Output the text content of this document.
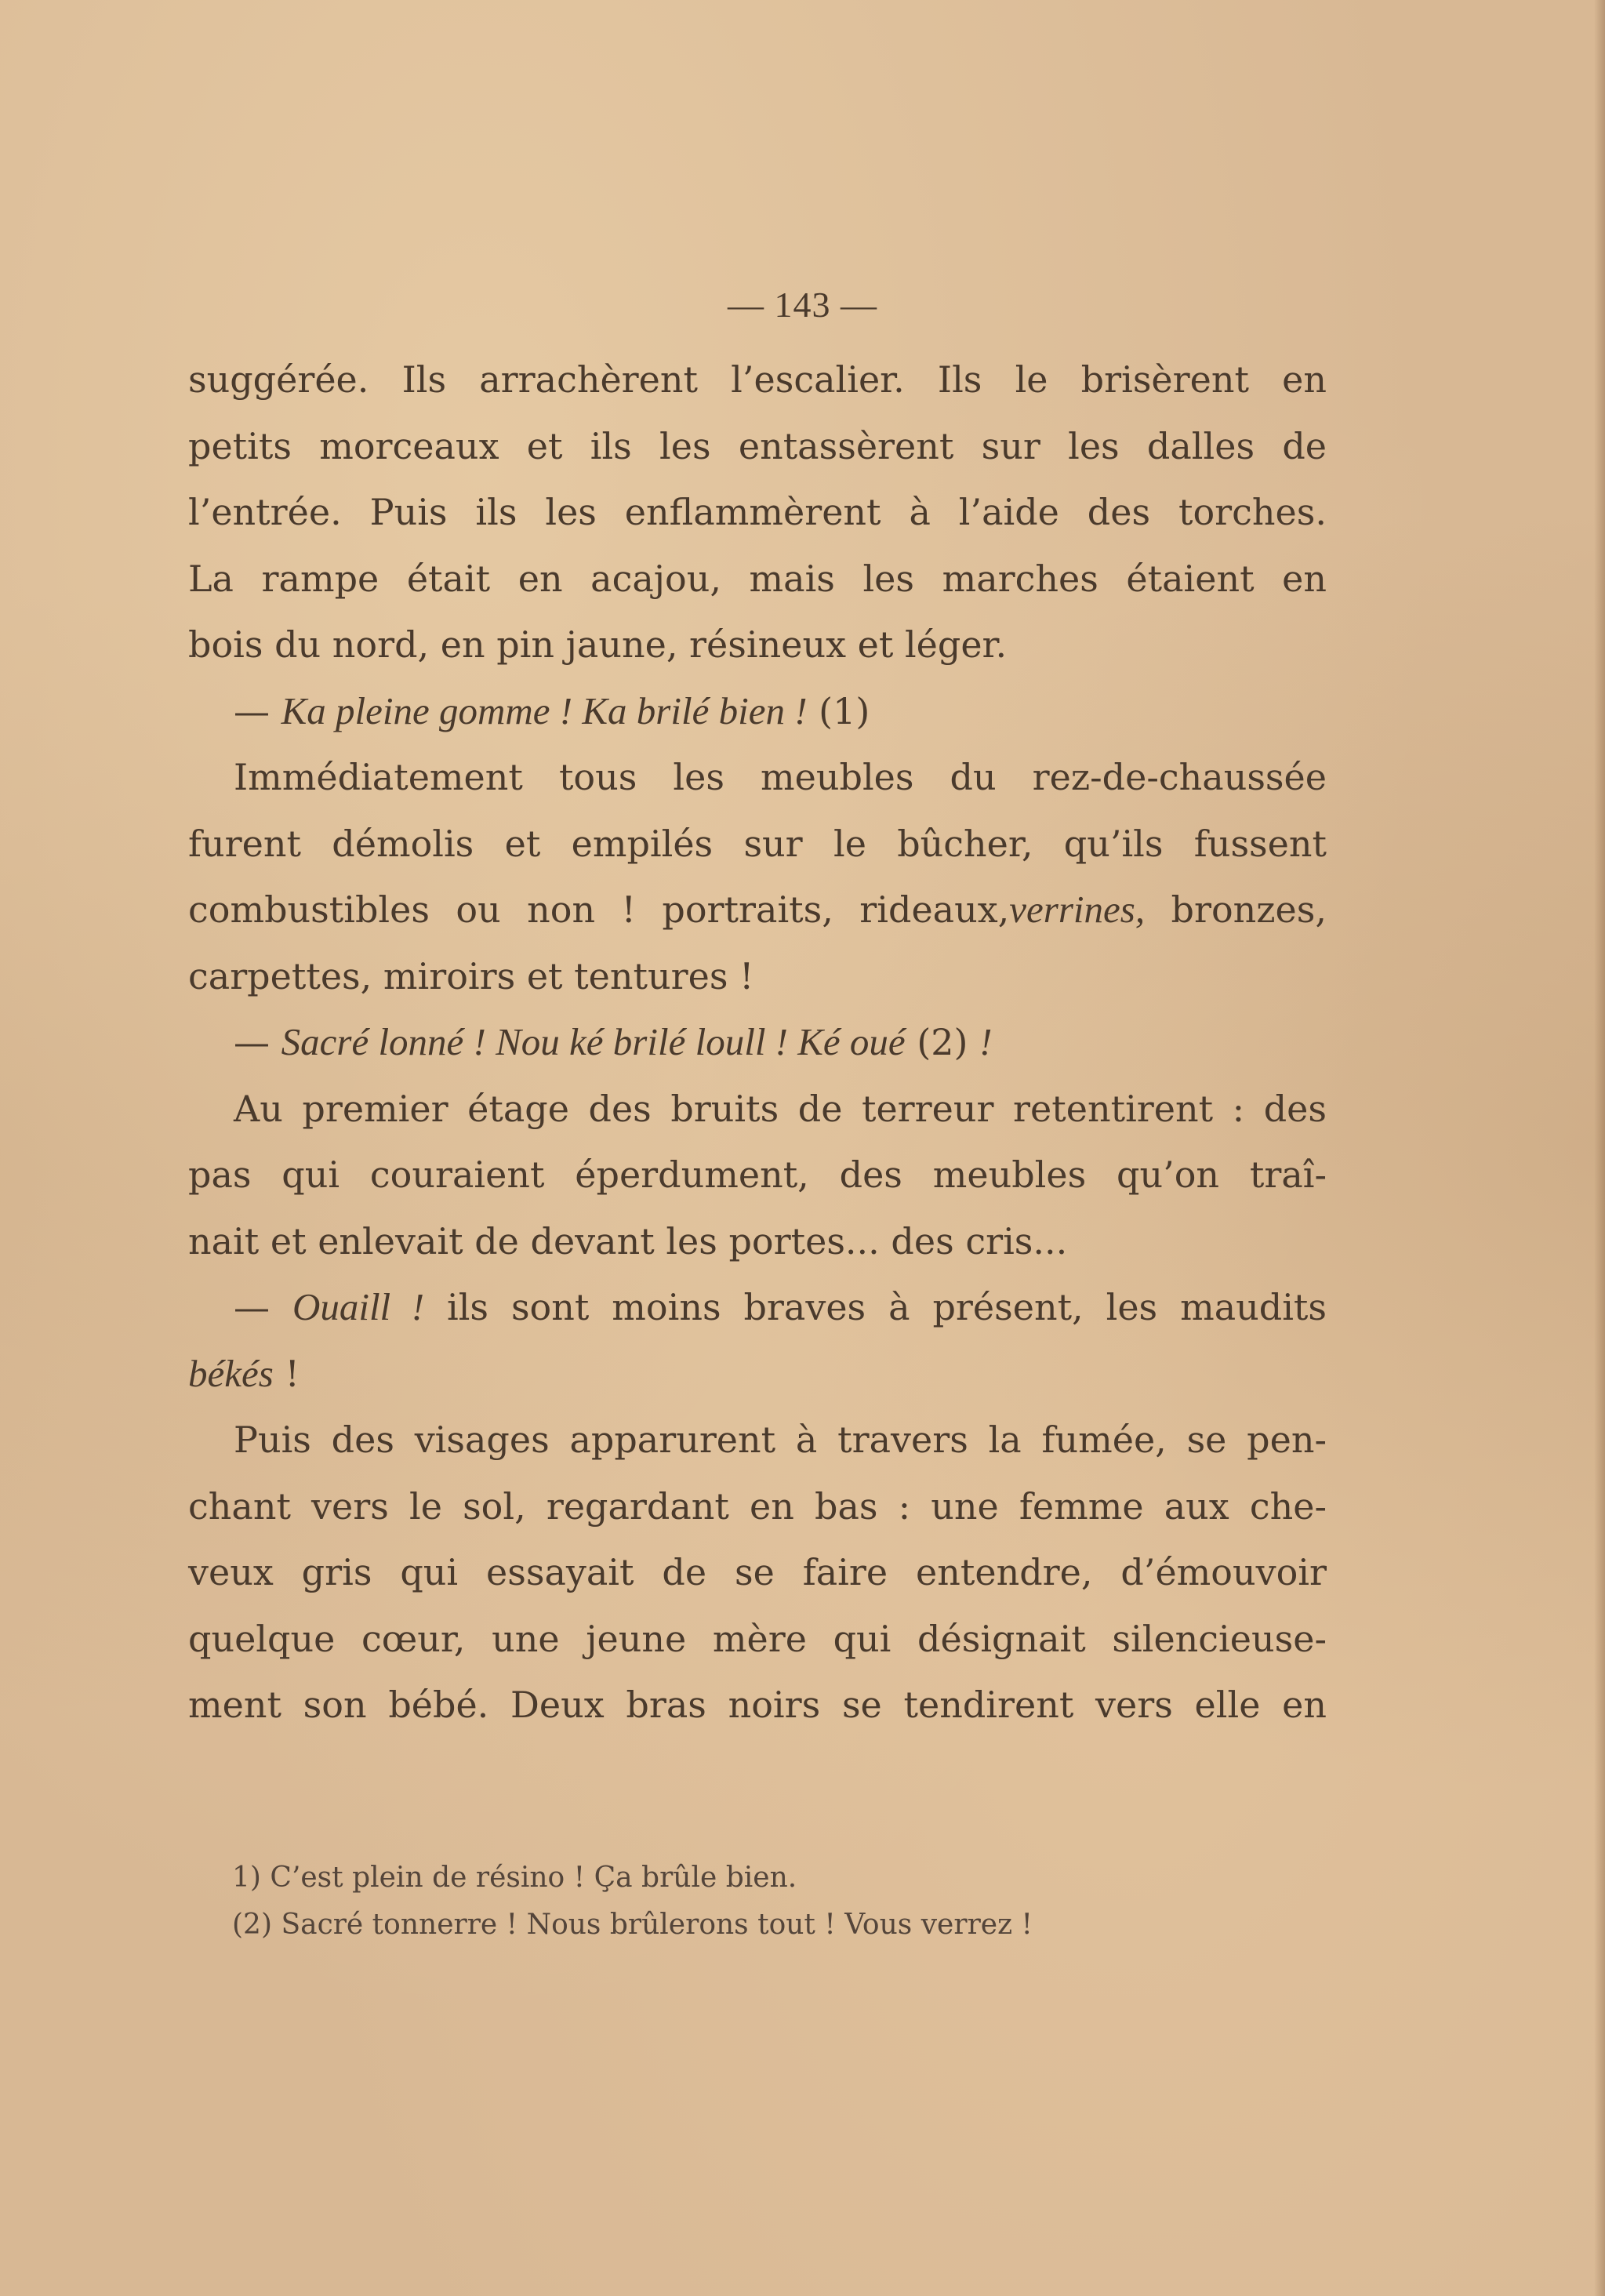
— 143 —
suggérée. Ils arrachèrent l’escalier. Ils le brisèrent en
petits morceaux et ils les entassèrent sur les dalles de
l’entrée. Puis ils les enflammèrent à l’aide des torches.
La rampe était en acajou, mais les marches étaient en
bois du nord, en pin jaune, résineux et léger.
— Ka pleine gomme ! Ka brilé bien ! (1)
Immédiatement tous les meubles du rez-de-chaussée
furent démolis et empilés sur le bûcher, qu’ils fussent
combustibles ou non ! portraits, rideaux,verrines, bronzes,
carpettes, miroirs et tentures !
— Sacré lonné ! Nou ké brilé loull ! Ké oué (2) !
Au premier étage des bruits de terreur retentirent : des
pas qui couraient éperdument, des meubles qu’on traî-
nait et enlevait de devant les portes... des cris...
— Ouaill ! ils sont moins braves à présent, les maudits
békés !
Puis des visages apparurent à travers la fumée, se pen-
chant vers le sol, regardant en bas : une femme aux che-
veux gris qui essayait de se faire entendre, d’émouvoir
quelque cœur, une jeune mère qui désignait silencieuse-
ment son bébé. Deux bras noirs se tendirent vers elle en
1) C’est plein de résino ! Ça brûle bien.
(2) Sacré tonnerre ! Nous brûlerons tout ! Vous verrez !
